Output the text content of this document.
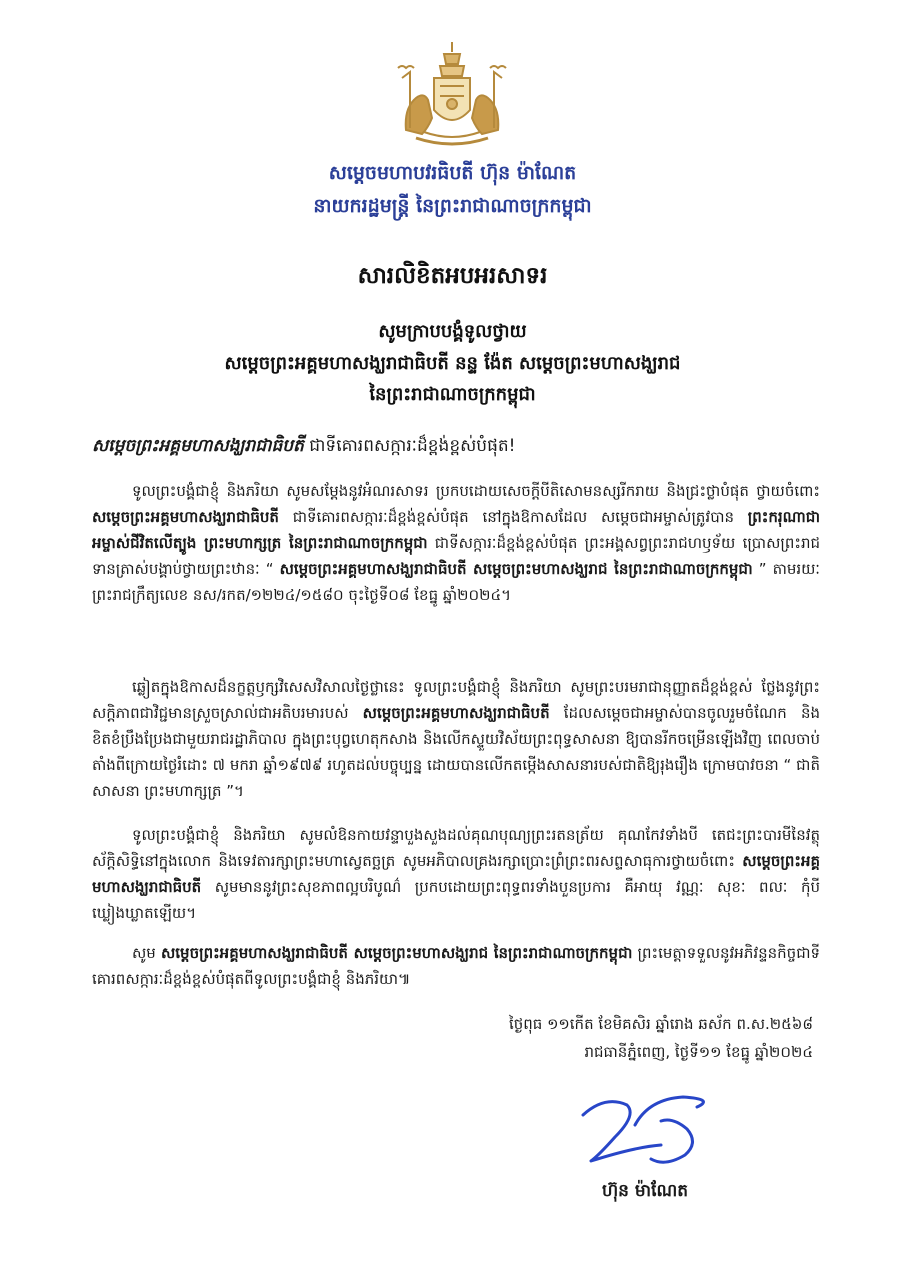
សម្តេចមហាបវរធិបតី ហ៊ុន ម៉ាណែត
នាយករដ្ឋមន្ត្រី នៃព្រះរាជាណាចក្រកម្ពុជា
សារលិខិតអបអរសាទរ
សូមក្រាបបង្គំទូលថ្វាយ
សម្តេចព្រះអគ្គមហាសង្ឃរាជាធិបតី នន្ទ ង៉ែត សម្តេចព្រះមហាសង្ឃរាជ
នៃព្រះរាជាណាចក្រកម្ពុជា
សម្តេចព្រះអគ្គមហាសង្ឃរាជាធិបតី ជាទីគោរពសក្ការៈដ៏ខ្ពង់ខ្ពស់បំផុត!

ទូលព្រះបង្គំជាខ្ញុំ និងភរិយា សូមសម្តែងនូវអំណរសាទរ ប្រកបដោយសេចក្តីបីតិសោមនស្សរីករាយ និងជ្រះថ្លាបំផុត ថ្វាយចំពោះ សម្តេចព្រះអគ្គមហាសង្ឃរាជាធិបតី ជាទីគោរពសក្ការៈដ៏ខ្ពង់ខ្ពស់បំផុត នៅក្នុងឱកាសដែល សម្តេចជាអម្ចាស់ត្រូវបាន ព្រះករុណាជាអម្ចាស់ជីវិតលើត្បូង ព្រះមហាក្សត្រ នៃព្រះរាជាណាចក្រកម្ពុជា ជាទីសក្ការៈដ៏ខ្ពង់ខ្ពស់បំផុត ព្រះអង្គសព្វព្រះរាជហឫទ័យ ប្រោសព្រះរាជទានត្រាស់បង្គាប់ថ្វាយព្រះឋានៈ “ សម្តេចព្រះអគ្គមហាសង្ឃរាជាធិបតី សម្តេចព្រះមហាសង្ឃរាជ នៃព្រះរាជាណាចក្រកម្ពុជា ” តាមរយៈព្រះរាជក្រឹត្យលេខ នស/រកត/១២២៤/១៥៨០ ចុះថ្ងៃទី០៨ ខែធ្នូ ឆ្នាំ២០២៤។

ឆ្លៀតក្នុងឱកាសដ៏នក្ខត្តឫក្សវិសេសវិសាលថ្ងៃថ្លានេះ ទូលព្រះបង្គំជាខ្ញុំ និងភរិយា សូមព្រះបរមរាជានុញ្ញាតដ៏ខ្ពង់ខ្ពស់ ថ្លែងនូវព្រះសក្តិភាពជាវិជ្ជមានស្រួចស្រាល់ជាអតិបរមារបស់ សម្តេចព្រះអគ្គមហាសង្ឃរាជាធិបតី ដែលសម្តេចជាអម្ចាស់បានចូលរួមចំណែក និងខិតខំប្រឹងប្រែងជាមួយរាជរដ្ឋាភិបាល ក្នុងព្រះបុព្វហេតុកសាង និងលើកស្ទួយវិស័យព្រះពុទ្ធសាសនា ឱ្យបានរីកចម្រើនឡើងវិញ ពេលចាប់តាំងពីក្រោយថ្ងៃរំដោះ ៧ មករា ឆ្នាំ១៩៧៩ រហូតដល់បច្ចុប្បន្ន ដោយបានលើកតម្កើងសាសនារបស់ជាតិឱ្យរុងរឿង ក្រោមបាវចនា “ ជាតិ សាសនា ព្រះមហាក្សត្រ ”។

ទូលព្រះបង្គំជាខ្ញុំ និងភរិយា សូមលំឱនកាយវន្ទាបួងសួងដល់គុណបុណ្យព្រះរតនត្រ័យ គុណកែវទាំងបី តេជះព្រះបារមីនៃវត្ថុស័ក្តិសិទ្ធិនៅក្នុងលោក និងទេវតារក្សាព្រះមហាស្វេតច្ឆត្រ សូមអភិបាលគ្រងរក្សាប្រោះព្រំព្រះពរសព្ទសាធុការថ្វាយចំពោះ សម្តេចព្រះអគ្គមហាសង្ឃរាជាធិបតី សូមមាននូវព្រះសុខភាពល្អបរិបូណ៌ ប្រកបដោយព្រះពុទ្ធពរទាំងបួនប្រការ គឺអាយុ វណ្ណៈ សុខៈ ពលៈ កុំបីឃ្លៀងឃ្លាតឡើយ។

សូម សម្តេចព្រះអគ្គមហាសង្ឃរាជាធិបតី សម្តេចព្រះមហាសង្ឃរាជ នៃព្រះរាជាណាចក្រកម្ពុជា ព្រះមេត្តាទទួលនូវអភិវន្ទនកិច្ចជាទីគោរពសក្ការៈដ៏ខ្ពង់ខ្ពស់បំផុតពីទូលព្រះបង្គំជាខ្ញុំ និងភរិយា៕

ថ្ងៃពុធ ១១កើត ខែមិគសិរ ឆ្នាំរោង ឆស័ក ព.ស.២៥៦៨
រាជធានីភ្នំពេញ, ថ្ងៃទី១១ ខែធ្នូ ឆ្នាំ២០២៤
ហ៊ុន ម៉ាណែត
